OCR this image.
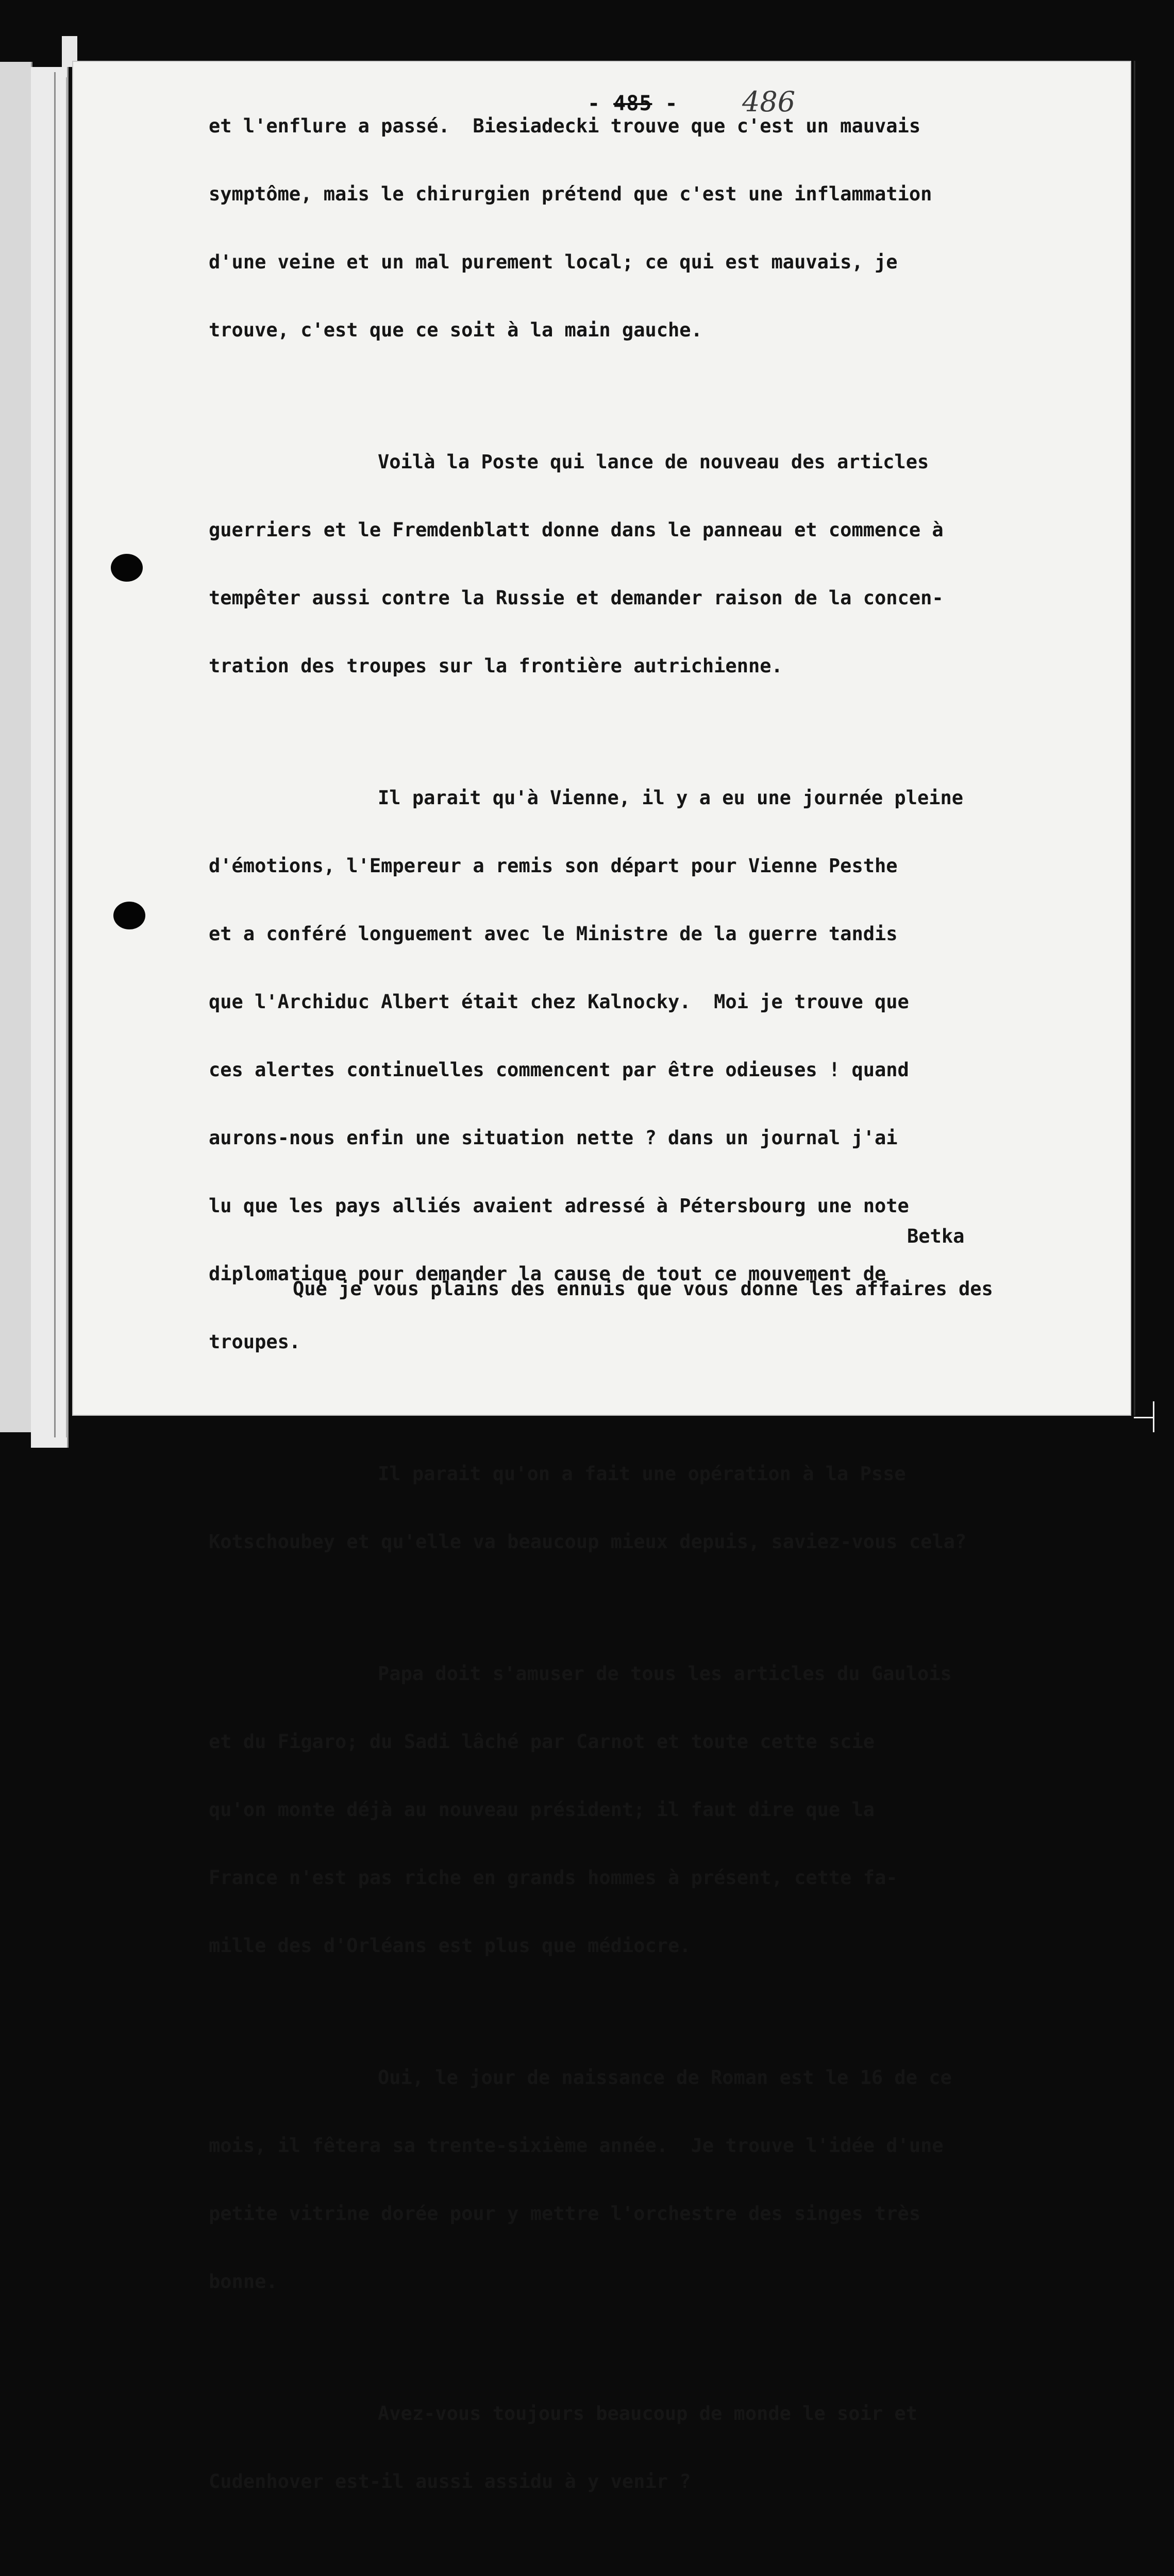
- 485 - 486

et l'enflure a passé.  Biesiadecki trouve que c'est un mauvais

symptôme, mais le chirurgien prétend que c'est une inflammation

d'une veine et un mal purement local; ce qui est mauvais, je

trouve, c'est que ce soit à la main gauche.

Voilà la Poste qui lance de nouveau des articles

guerriers et le Fremdenblatt donne dans le panneau et commence à

tempêter aussi contre la Russie et demander raison de la concen-

tration des troupes sur la frontière autrichienne.

Il parait qu'à Vienne, il y a eu une journée pleine

d'émotions, l'Empereur a remis son départ pour Vienne Pesthe

et a conféré longuement avec le Ministre de la guerre tandis

que l'Archiduc Albert était chez Kalnocky.  Moi je trouve que

ces alertes continuelles commencent par être odieuses ! quand

aurons-nous enfin une situation nette ? dans un journal j'ai

lu que les pays alliés avaient adressé à Pétersbourg une note

diplomatique pour demander la cause de tout ce mouvement de

troupes.

Il parait qu'on a fait une opération à la Psse

Kotschoubey et qu'elle va beaucoup mieux depuis, saviez-vous cela?

Papa doit s'amuser de tous les articles du Gaulois

et du Figaro; du Sadi lâché par Carnot et toute cette scie

qu'on monte déjà au nouveau président; il faut dire que la

France n'est pas riche en grands hommes à présent, cette fa-

mille des d'Orléans est plus que médiocre.

Oui, le jour de naissance de Roman est le 16 de ce

mois, il fêtera sa trente-sixième année.  Je trouve l'idée d'une

petite vitrine dorée pour y mettre l'orchestre des singes très

bonne.

Avez-vous toujours beaucoup de monde le soir et

Cudenhover est-il aussi assidu à y venir ?

Betka
Que je vous plains des ennuis que vous donne les affaires des
